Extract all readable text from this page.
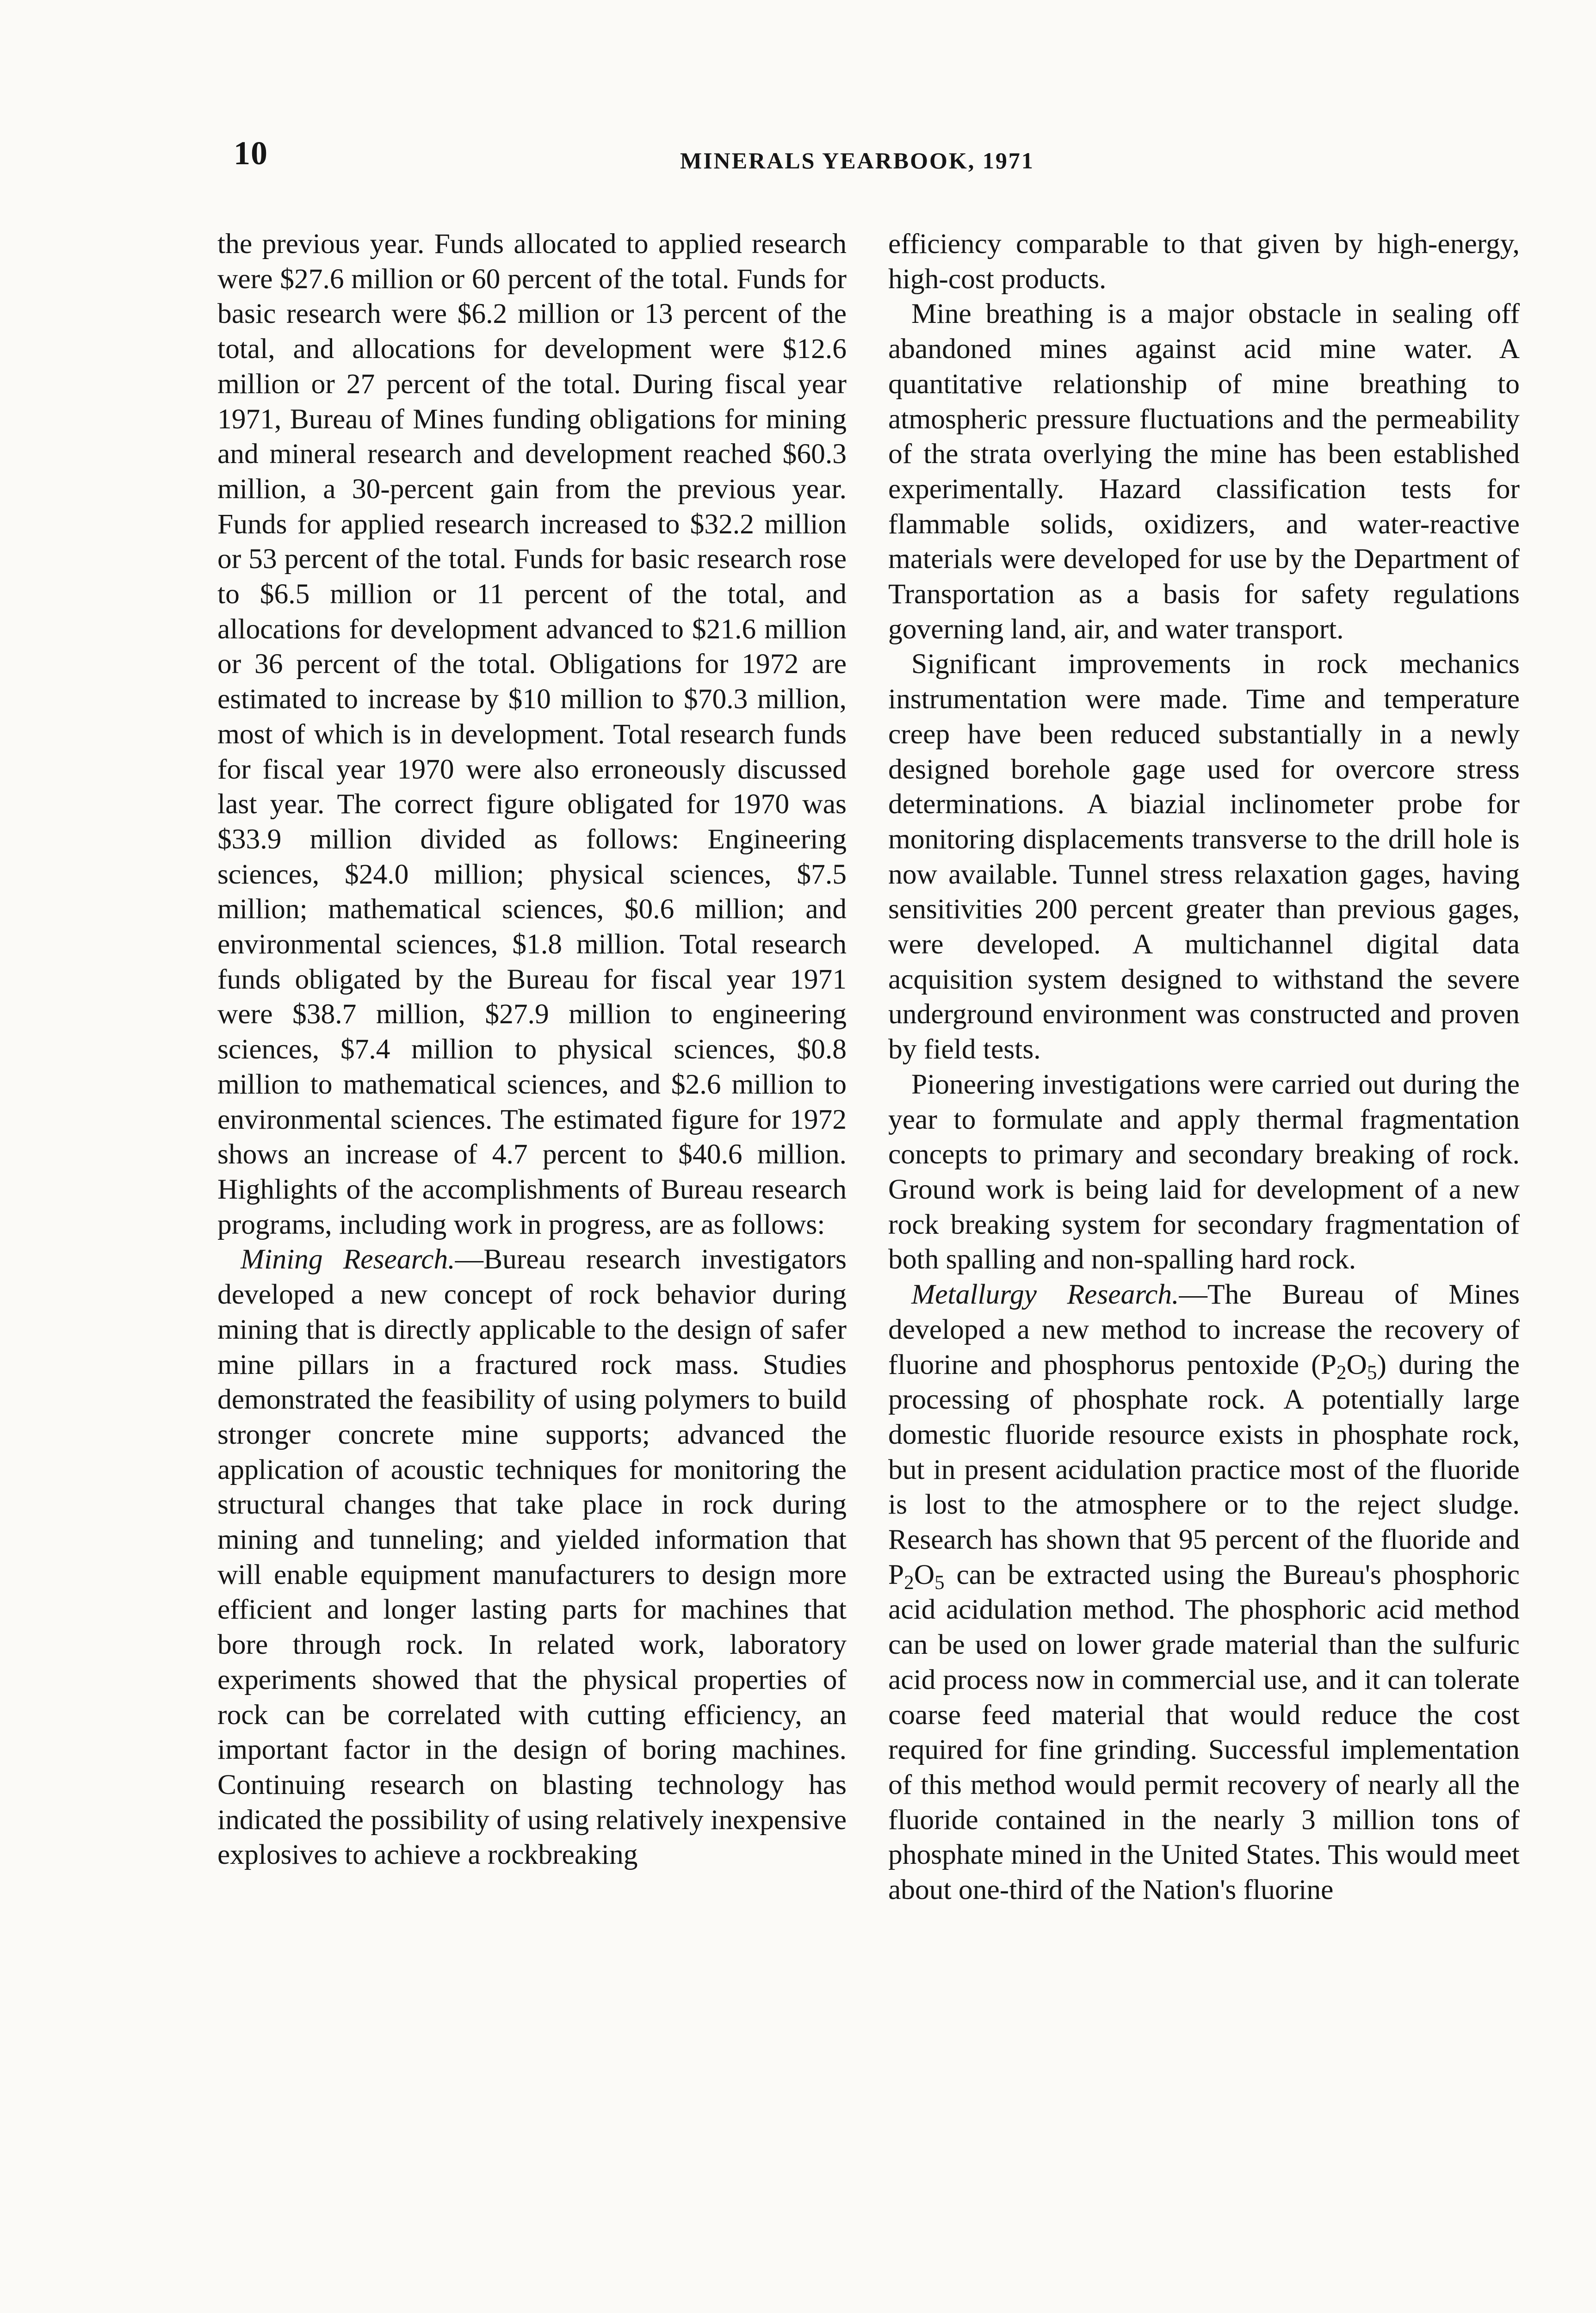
10	MINERALS YEARBOOK, 1971

the previous year. Funds allocated to applied research were $27.6 million or 60 percent of the total. Funds for basic research were $6.2 million or 13 percent of the total, and allocations for development were $12.6 million or 27 percent of the total. During fiscal year 1971, Bureau of Mines funding obligations for mining and mineral research and development reached $60.3 million, a 30-percent gain from the previous year. Funds for applied research increased to $32.2 million or 53 percent of the total. Funds for basic research rose to $6.5 million or 11 percent of the total, and allocations for development advanced to $21.6 million or 36 percent of the total. Obligations for 1972 are estimated to increase by $10 million to $70.3 million, most of which is in development. Total research funds for fiscal year 1970 were also erroneously discussed last year. The correct figure obligated for 1970 was $33.9 million divided as follows: Engineering sciences, $24.0 million; physical sciences, $7.5 million; mathematical sciences, $0.6 million; and environmental sciences, $1.8 million. Total research funds obligated by the Bureau for fiscal year 1971 were $38.7 million, $27.9 million to engineering sciences, $7.4 million to physical sciences, $0.8 million to mathematical sciences, and $2.6 million to environmental sciences. The estimated figure for 1972 shows an increase of 4.7 percent to $40.6 million. Highlights of the accomplishments of Bureau research programs, including work in progress, are as follows:

Mining Research.—Bureau research investigators developed a new concept of rock behavior during mining that is directly applicable to the design of safer mine pillars in a fractured rock mass. Studies demonstrated the feasibility of using polymers to build stronger concrete mine supports; advanced the application of acoustic techniques for monitoring the structural changes that take place in rock during mining and tunneling; and yielded information that will enable equipment manufacturers to design more efficient and longer lasting parts for machines that bore through rock. In related work, laboratory experiments showed that the physical properties of rock can be correlated with cutting efficiency, an important factor in the design of boring machines. Continuing research on blasting technology has indicated the possibility of using relatively inexpensive explosives to achieve a rockbreaking

efficiency comparable to that given by high-energy, high-cost products.

Mine breathing is a major obstacle in sealing off abandoned mines against acid mine water. A quantitative relationship of mine breathing to atmospheric pressure fluctuations and the permeability of the strata overlying the mine has been established experimentally. Hazard classification tests for flammable solids, oxidizers, and water-reactive materials were developed for use by the Department of Transportation as a basis for safety regulations governing land, air, and water transport.

Significant improvements in rock mechanics instrumentation were made. Time and temperature creep have been reduced substantially in a newly designed borehole gage used for overcore stress determinations. A biazial inclinometer probe for monitoring displacements transverse to the drill hole is now available. Tunnel stress relaxation gages, having sensitivities 200 percent greater than previous gages, were developed. A multichannel digital data acquisition system designed to withstand the severe underground environment was constructed and proven by field tests.

Pioneering investigations were carried out during the year to formulate and apply thermal fragmentation concepts to primary and secondary breaking of rock. Ground work is being laid for development of a new rock breaking system for secondary fragmentation of both spalling and non-spalling hard rock.

Metallurgy Research.—The Bureau of Mines developed a new method to increase the recovery of fluorine and phosphorus pentoxide $(P_2O_5)$ during the processing of phosphate rock. A potentially large domestic fluoride resource exists in phosphate rock, but in present acidulation practice most of the fluoride is lost to the atmosphere or to the reject sludge. Research has shown that 95 percent of the fluoride and $P_2O_5$ can be extracted using the Bureau's phosphoric acid acidulation method. The phosphoric acid method can be used on lower grade material than the sulfuric acid process now in commercial use, and it can tolerate coarse feed material that would reduce the cost required for fine grinding. Successful implementation of this method would permit recovery of nearly all the fluoride contained in the nearly 3 million tons of phosphate mined in the United States. This would meet about one-third of the Nation's fluorine
